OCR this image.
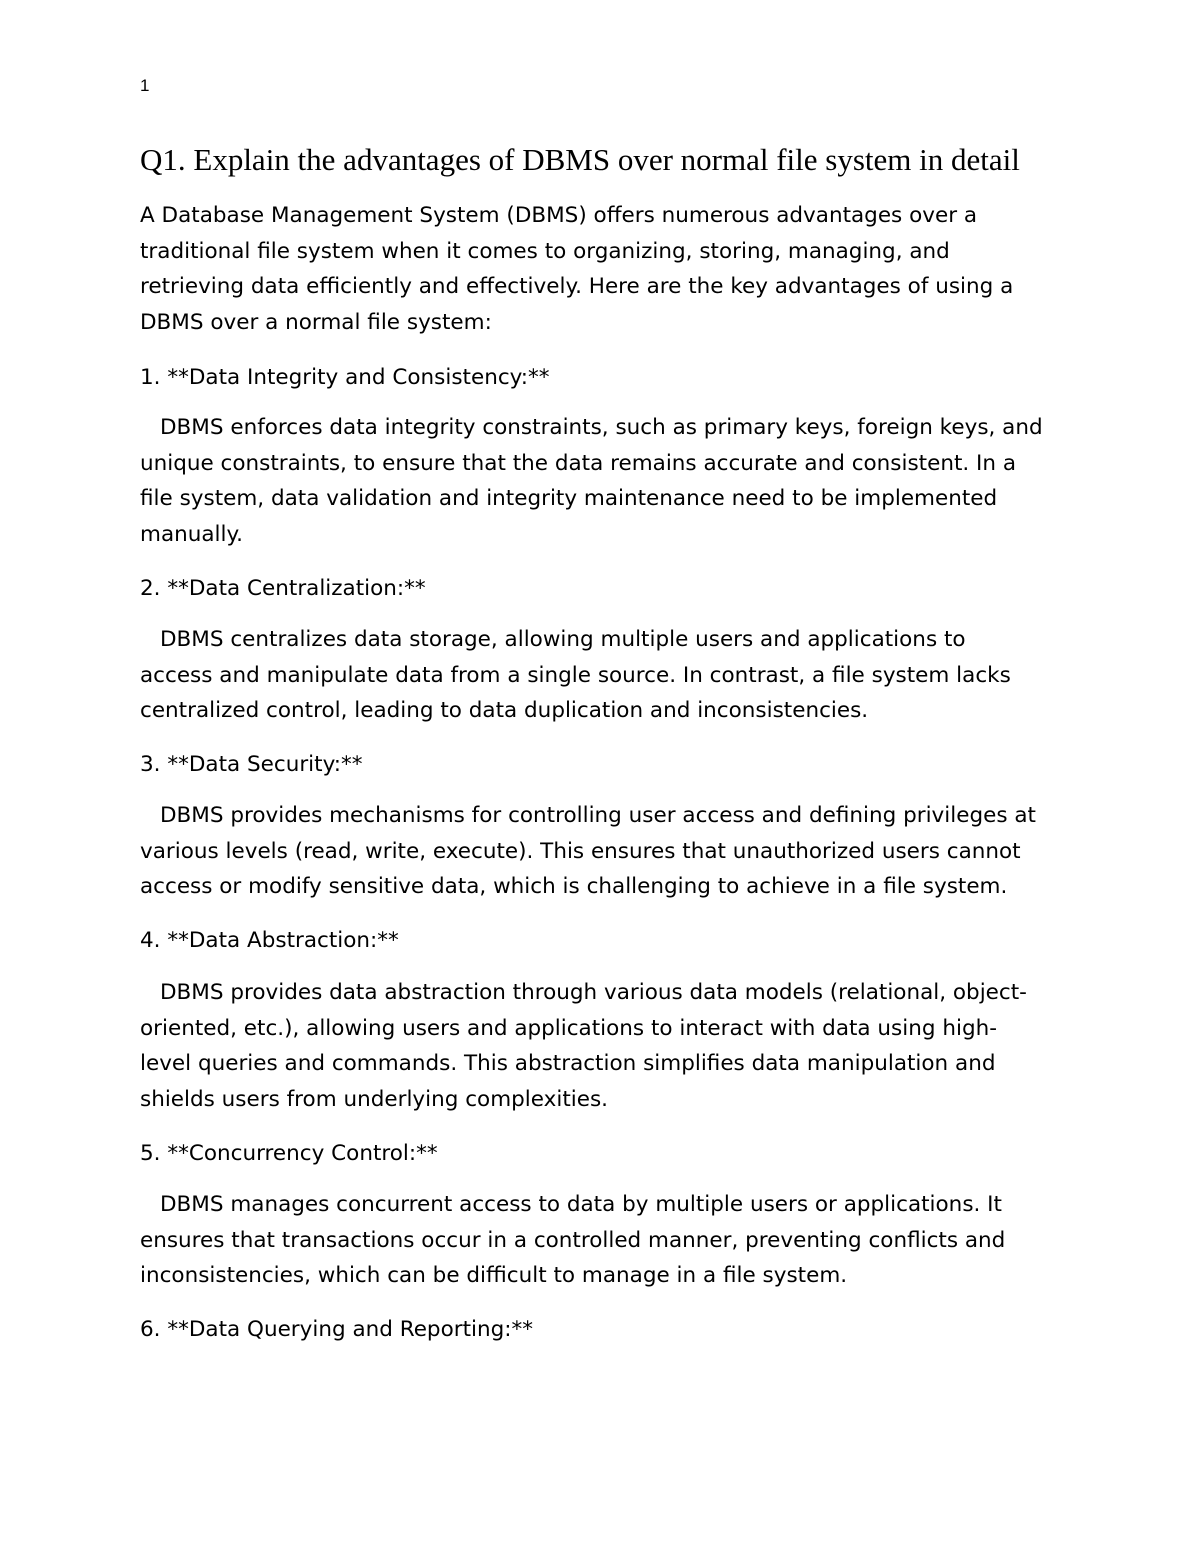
1
Q1. Explain the advantages of DBMS over normal file system in detail

A Database Management System (DBMS) offers numerous advantages over a
traditional file system when it comes to organizing, storing, managing, and
retrieving data efficiently and effectively. Here are the key advantages of using a
DBMS over a normal file system:

1. **Data Integrity and Consistency:**

DBMS enforces data integrity constraints, such as primary keys, foreign keys, and
unique constraints, to ensure that the data remains accurate and consistent. In a
file system, data validation and integrity maintenance need to be implemented
manually.

2. **Data Centralization:**

DBMS centralizes data storage, allowing multiple users and applications to
access and manipulate data from a single source. In contrast, a file system lacks
centralized control, leading to data duplication and inconsistencies.

3. **Data Security:**

DBMS provides mechanisms for controlling user access and defining privileges at
various levels (read, write, execute). This ensures that unauthorized users cannot
access or modify sensitive data, which is challenging to achieve in a file system.

4. **Data Abstraction:**

DBMS provides data abstraction through various data models (relational, object-
oriented, etc.), allowing users and applications to interact with data using high-
level queries and commands. This abstraction simplifies data manipulation and
shields users from underlying complexities.

5. **Concurrency Control:**

DBMS manages concurrent access to data by multiple users or applications. It
ensures that transactions occur in a controlled manner, preventing conflicts and
inconsistencies, which can be difficult to manage in a file system.

6. **Data Querying and Reporting:**
